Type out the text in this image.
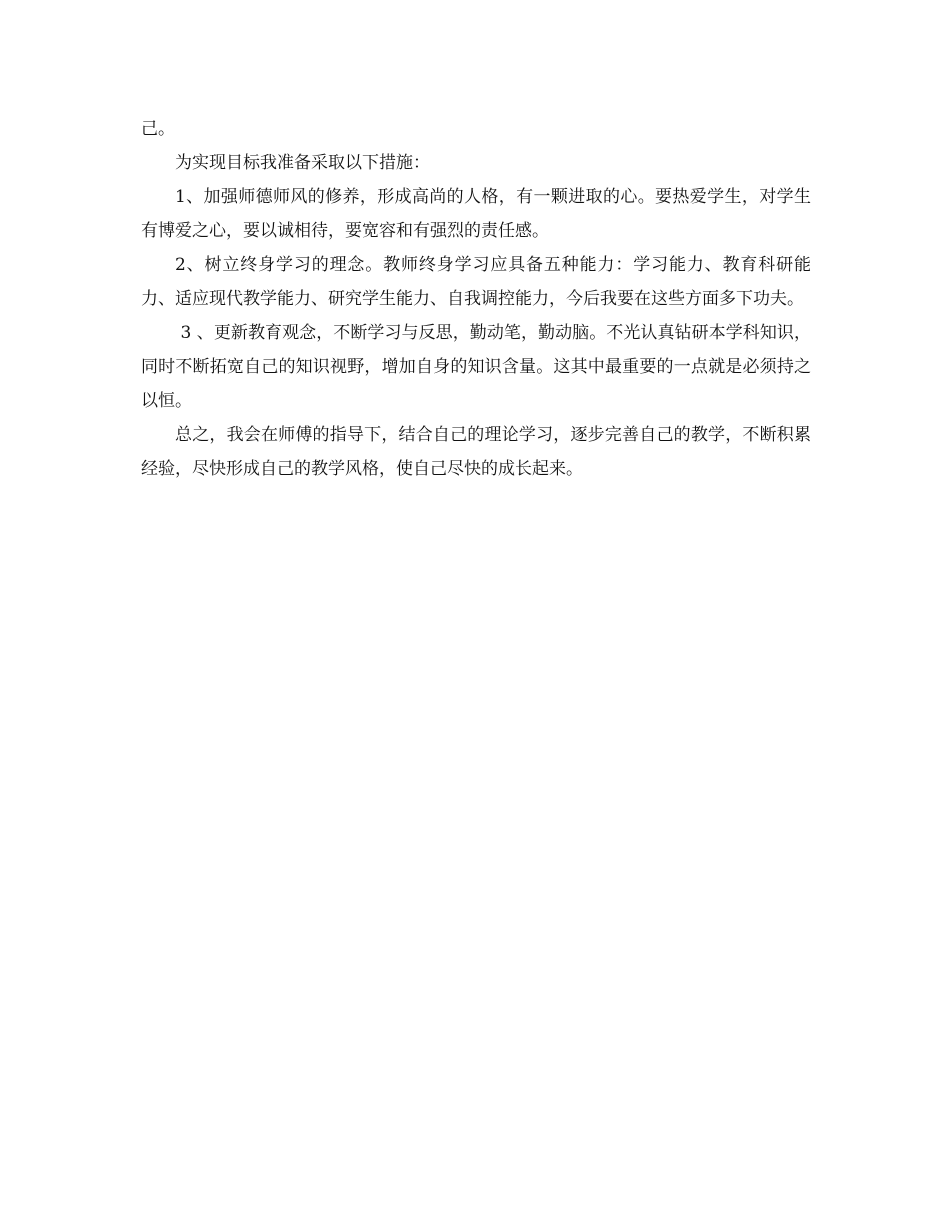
己。

为实现目标我准备采取以下措施：

1、加强师德师风的修养，形成高尚的人格，有一颗进取的心。要热爱学生，对学生有博爱之心，要以诚相待，要宽容和有强烈的责任感。

2、树立终身学习的理念。教师终身学习应具备五种能力：学习能力、教育科研能力、适应现代教学能力、研究学生能力、自我调控能力，今后我要在这些方面多下功夫。

3 、更新教育观念，不断学习与反思，勤动笔，勤动脑。不光认真钻研本学科知识，同时不断拓宽自己的知识视野，增加自身的知识含量。这其中最重要的一点就是必须持之以恒。

总之，我会在师傅的指导下，结合自己的理论学习，逐步完善自己的教学，不断积累经验，尽快形成自己的教学风格，使自己尽快的成长起来。
